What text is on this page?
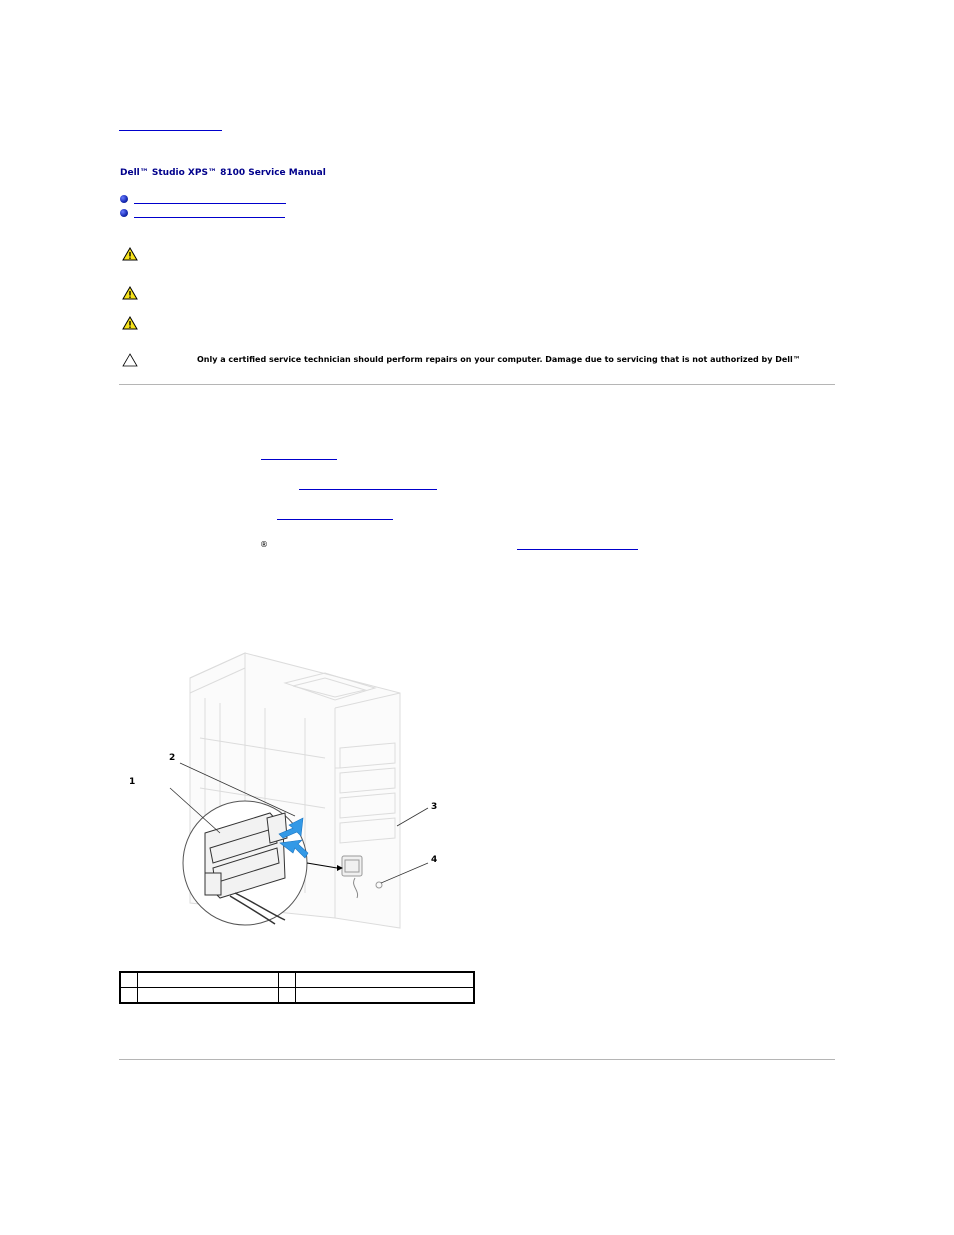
Dell™ Studio XPS™ 8100 Service Manual
Only a certified service technician should perform repairs on your computer. Damage due to servicing that is not authorized by Dell™
®
1
2
3
4
